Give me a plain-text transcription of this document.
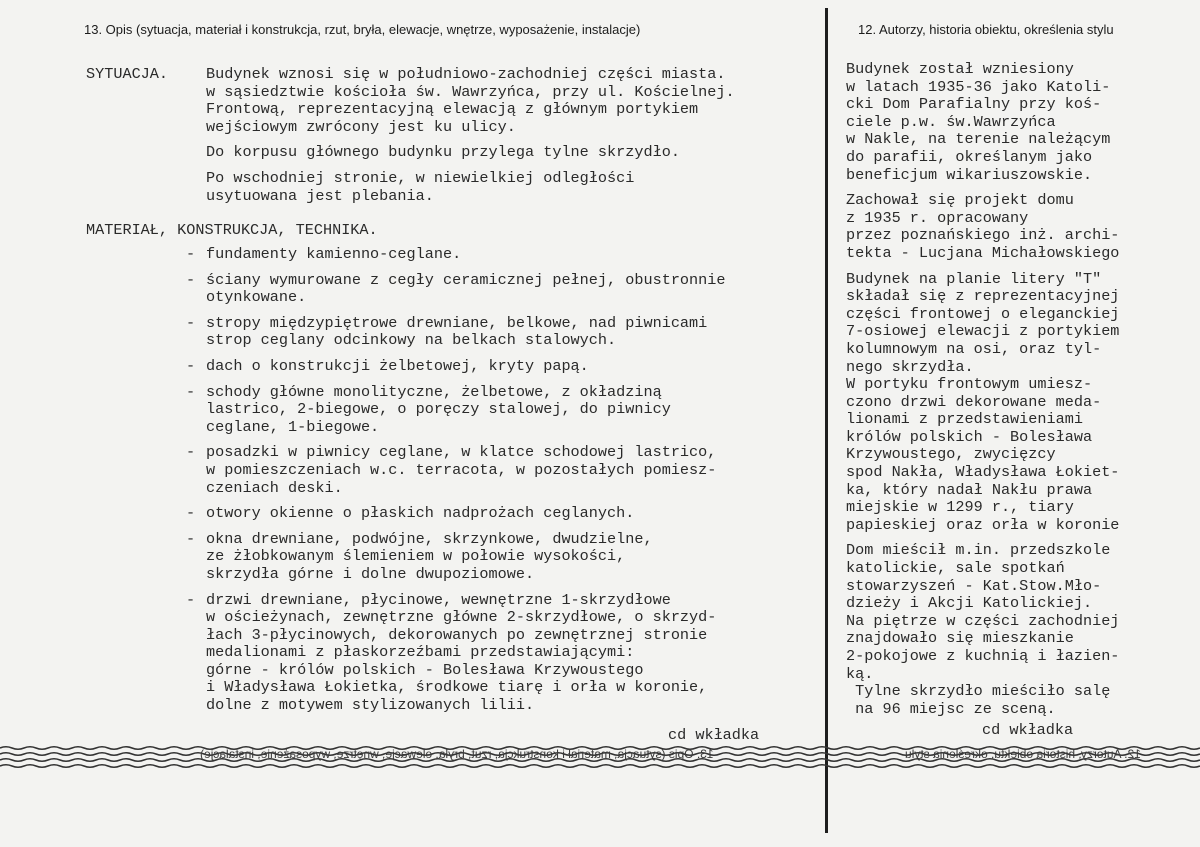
13. Opis (sytuacja, materiał i konstrukcja, rzut, bryła, elewacje, wnętrze, wyposażenie, instalacje)	12. Autorzy, historia obiektu, określenia stylu
SYTUACJA. Budynek wznosi się w południowo-zachodniej części miasta.
w sąsiedztwie kościoła św. Wawrzyńca, przy ul. Kościelnej.
Frontową, reprezentacyjną elewacją z głównym portykiem
wejściowym zwrócony jest ku ulicy.
Do korpusu głównego budynku przylega tylne skrzydło.
Po wschodniej stronie, w niewielkiej odległości
usytuowana jest plebania.
MATERIAŁ, KONSTRUKCJA, TECHNIKA.
- fundamenty kamienno-ceglane.
- ściany wymurowane z cegły ceramicznej pełnej, obustronnie
otynkowane.
- stropy międzypiętrowe drewniane, belkowe, nad piwnicami
strop ceglany odcinkowy na belkach stalowych.
- dach o konstrukcji żelbetowej, kryty papą.
- schody główne monolityczne, żelbetowe, z okładziną
lastrico, 2-biegowe, o poręczy stalowej, do piwnicy
ceglane, 1-biegowe.
- posadzki w piwnicy ceglane, w klatce schodowej lastrico,
w pomieszczeniach w.c. terracota, w pozostałych pomiesz-
czeniach deski.
- otwory okienne o płaskich nadprożach ceglanych.
- okna drewniane, podwójne, skrzynkowe, dwudzielne,
ze żłobkowanym ślemieniem w połowie wysokości,
skrzydła górne i dolne dwupoziomowe.
- drzwi drewniane, płycinowe, wewnętrzne 1-skrzydłowe
w ościeżynach, zewnętrzne główne 2-skrzydłowe, o skrzyd-
łach 3-płycinowych, dekorowanych po zewnętrznej stronie
medalionami z płaskorzeźbami przedstawiającymi:
górne - królów polskich - Bolesława Krzywoustego
i Władysława Łokietka, środkowe tiarę i orła w koronie,
dolne z motywem stylizowanych lilii.
Budynek został wzniesiony
w latach 1935-36 jako Katoli-
cki Dom Parafialny przy koś-
ciele p.w. św.Wawrzyńca
w Nakle, na terenie należącym
do parafii, określanym jako
beneficjum wikariuszowskie.
Zachował się projekt domu
z 1935 r. opracowany
przez poznańskiego inż. archi-
tekta - Lucjana Michałowskiego
Budynek na planie litery "T"
składał się z reprezentacyjnej
części frontowej o eleganckiej
7-osiowej elewacji z portykiem
kolumnowym na osi, oraz tyl-
nego skrzydła.
W portyku frontowym umiesz-
czono drzwi dekorowane meda-
lionami z przedstawieniami
królów polskich - Bolesława
Krzywoustego, zwycięzcy
spod Nakła, Władysława Łokiet-
ka, który nadał Nakłu prawa
miejskie w 1299 r., tiary
papieskiej oraz orła w koronie
Dom mieścił m.in. przedszkole
katolickie, sale spotkań
stowarzyszeń - Kat.Stow.Mło-
dzieży i Akcji Katolickiej.
Na piętrze w części zachodniej
znajdowało się mieszkanie
2-pokojowe z kuchnią i łazien-
ką.
Tylne skrzydło mieściło salę
na 96 miejsc ze sceną.
cd wkładka	cd wkładka
13. Opis (sytuacja, materiał i konstrukcja, rzut, bryła, elewacje, wnętrze, wyposażenie, instalacje)	12. Autorzy, historia obiektu, określenia stylu
